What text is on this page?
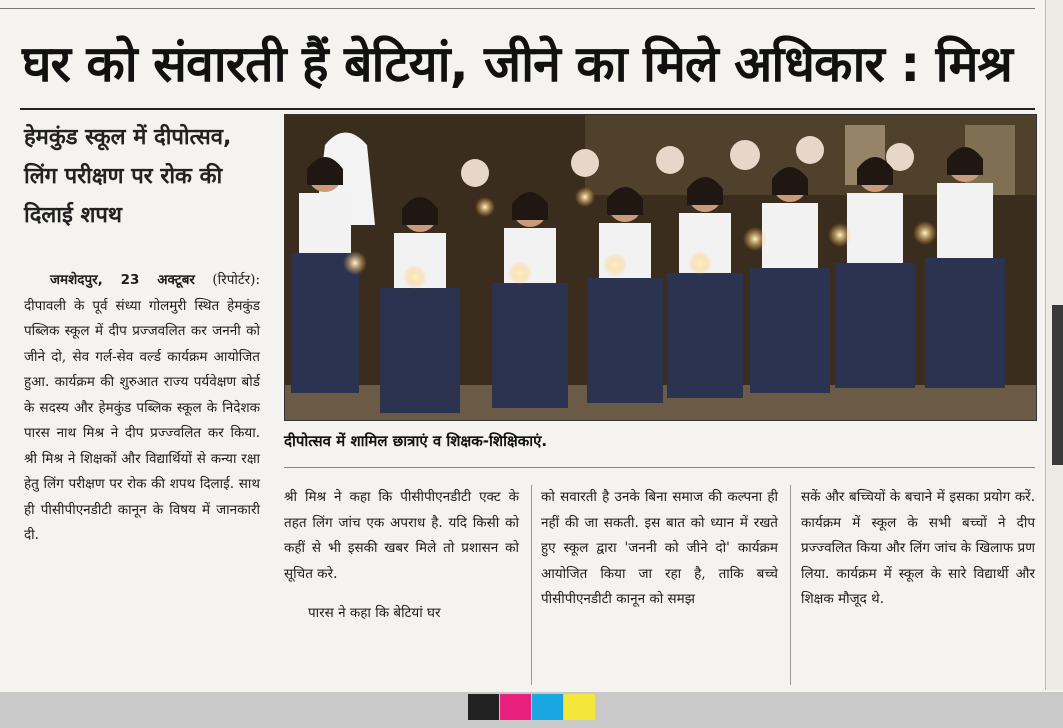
घर को संवारती हैं बेटियां, जीने का मिले अधिकार : मिश्र
हेमकुंड स्कूल में दीपोत्सव, लिंग परीक्षण पर रोक की दिलाई शपथ
जमशेदपुर, 23 अक्टूबर (रिपोर्टर): दीपावली के पूर्व संध्या गोलमुरी स्थित हेमकुंड पब्लिक स्कूल में दीप प्रज्जवलित कर जननी को जीने दो, सेव गर्ल-सेव वर्ल्ड कार्यक्रम आयोजित हुआ. कार्यक्रम की शुरुआत राज्य पर्यवेक्षण बोर्ड के सदस्य और हेमकुंड पब्लिक स्कूल के निदेशक पारस नाथ मिश्र ने दीप प्रज्ज्वलित कर किया. श्री मिश्र ने शिक्षकों और विद्यार्थियों से कन्या रक्षा हेतु लिंग परीक्षण पर रोक की शपथ दिलाई. साथ ही पीसीपीएनडीटी कानून के विषय में जानकारी दी.
दीपोत्सव में शामिल छात्राएं व शिक्षक-शिक्षिकाएं.
श्री मिश्र ने कहा कि पीसीपीएनडीटी एक्ट के तहत लिंग जांच एक अपराध है. यदि किसी को कहीं से भी इसकी खबर मिले तो प्रशासन को सूचित करे.
पारस ने कहा कि बेटियां घर
को सवारती है उनके बिना समाज की कल्पना ही नहीं की जा सकती. इस बात को ध्यान में रखते हुए स्कूल द्वारा 'जननी को जीने दो' कार्यक्रम आयोजित किया जा रहा है, ताकि बच्चे पीसीपीएनडीटी कानून को समझ
सकें और बच्चियों के बचाने में इसका प्रयोग करें. कार्यक्रम में स्कूल के सभी बच्चों ने दीप प्रज्ज्वलित किया और लिंग जांच के खिलाफ प्रण लिया. कार्यक्रम में स्कूल के सारे विद्यार्थी और शिक्षक मौजूद थे.
